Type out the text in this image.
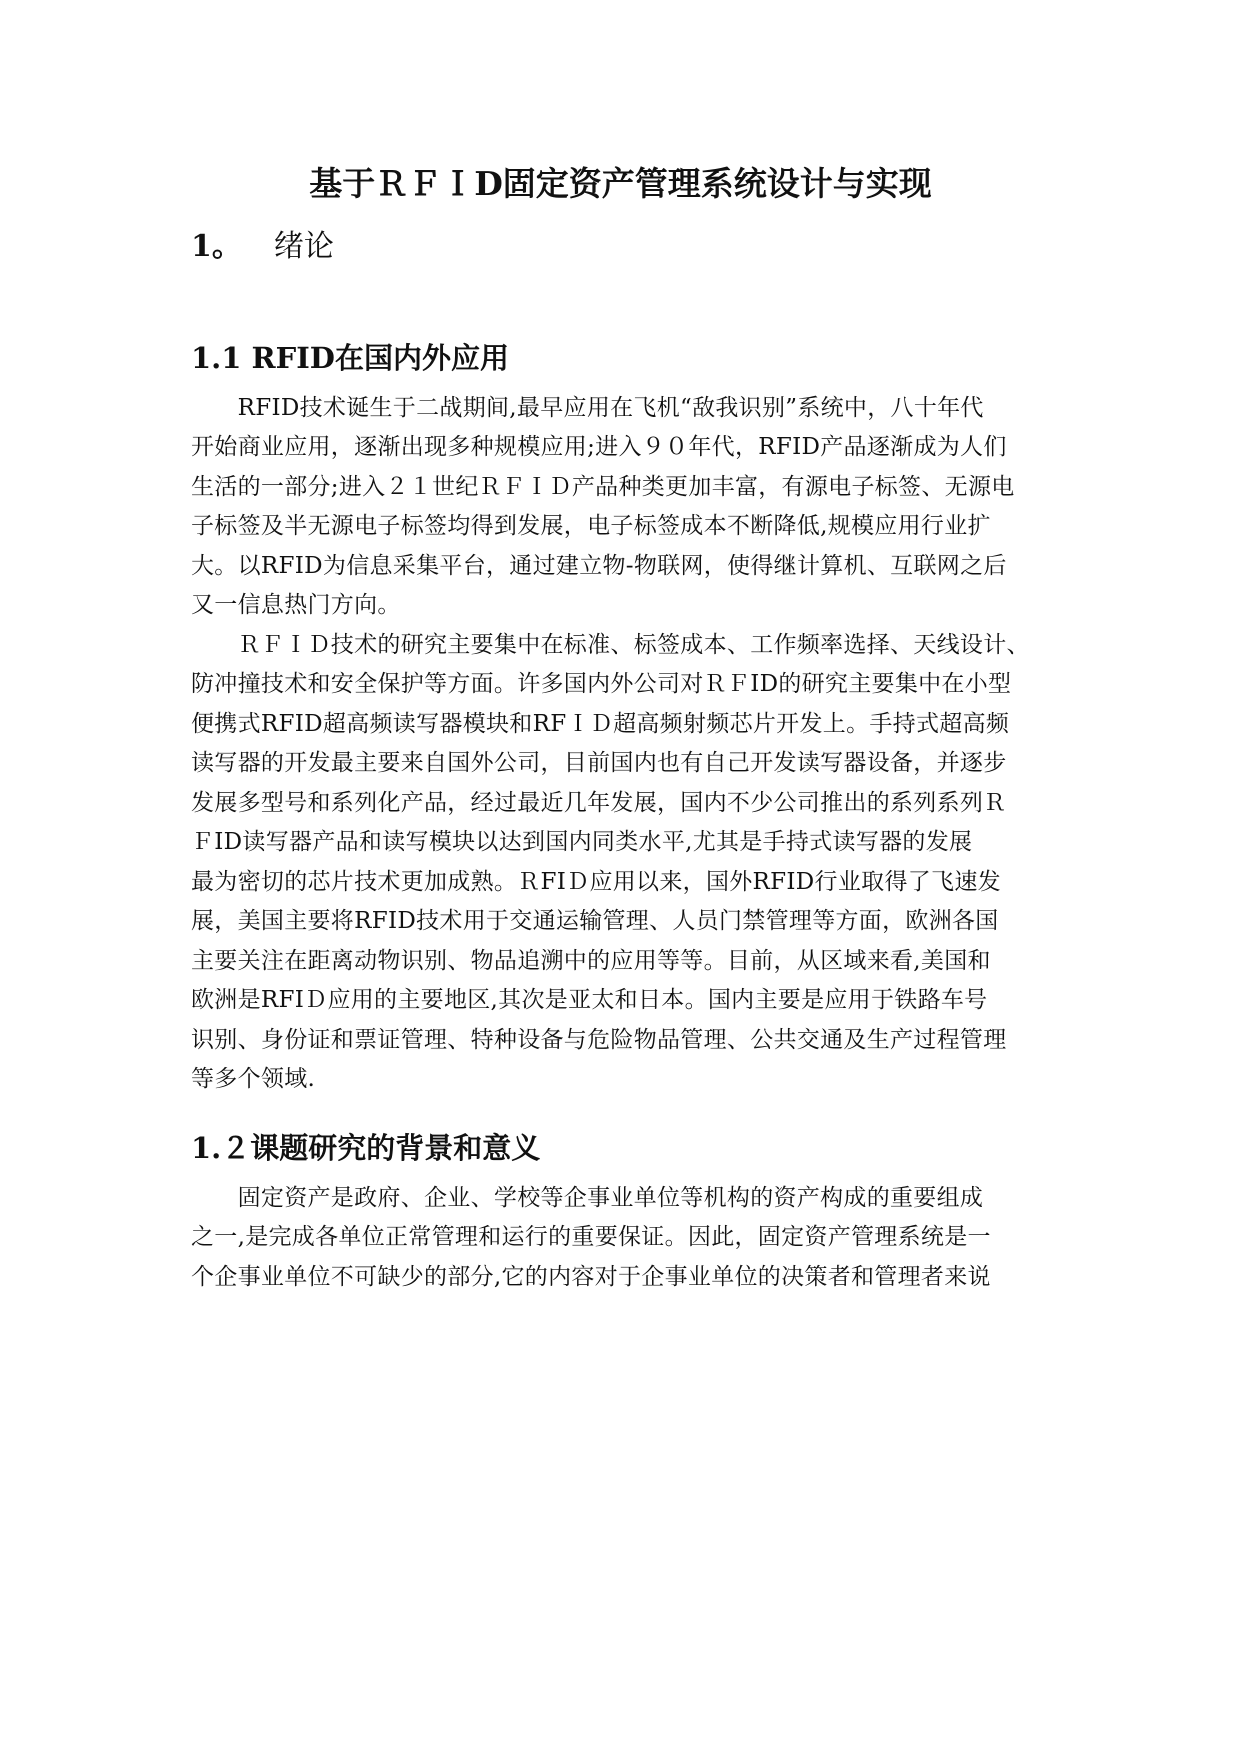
基于ＲＦＩD固定资产管理系统设计与实现
1。 绪论
1.1 RFID在国内外应用
　　RFID技术诞生于二战期间,最早应用在飞机“敌我识别”系统中，八十年代
开始商业应用，逐渐出现多种规模应用;进入９０年代，RFID产品逐渐成为人们
生活的一部分;进入２１世纪ＲＦＩＤ产品种类更加丰富，有源电子标签、无源电
子标签及半无源电子标签均得到发展，电子标签成本不断降低,规模应用行业扩
大。以RFID为信息采集平台，通过建立物-物联网，使得继计算机、互联网之后
又一信息热门方向。
　　ＲＦＩＤ技术的研究主要集中在标准、标签成本、工作频率选择、天线设计、
防冲撞技术和安全保护等方面。许多国内外公司对ＲＦID的研究主要集中在小型
便携式RFID超高频读写器模块和RFＩＤ超高频射频芯片开发上。手持式超高频
读写器的开发最主要来自国外公司，目前国内也有自己开发读写器设备，并逐步
发展多型号和系列化产品，经过最近几年发展，国内不少公司推出的系列系列Ｒ
ＦID读写器产品和读写模块以达到国内同类水平,尤其是手持式读写器的发展
最为密切的芯片技术更加成熟。ＲFIＤ应用以来，国外RFID行业取得了飞速发
展，美国主要将RFID技术用于交通运输管理、人员门禁管理等方面，欧洲各国
主要关注在距离动物识别、物品追溯中的应用等等。目前，从区域来看,美国和
欧洲是RFIＤ应用的主要地区,其次是亚太和日本。国内主要是应用于铁路车号
识别、身份证和票证管理、特种设备与危险物品管理、公共交通及生产过程管理
等多个领域.
1.２课题研究的背景和意义
　　固定资产是政府、企业、学校等企事业单位等机构的资产构成的重要组成
之一,是完成各单位正常管理和运行的重要保证。因此，固定资产管理系统是一
个企事业单位不可缺少的部分,它的内容对于企事业单位的决策者和管理者来说
